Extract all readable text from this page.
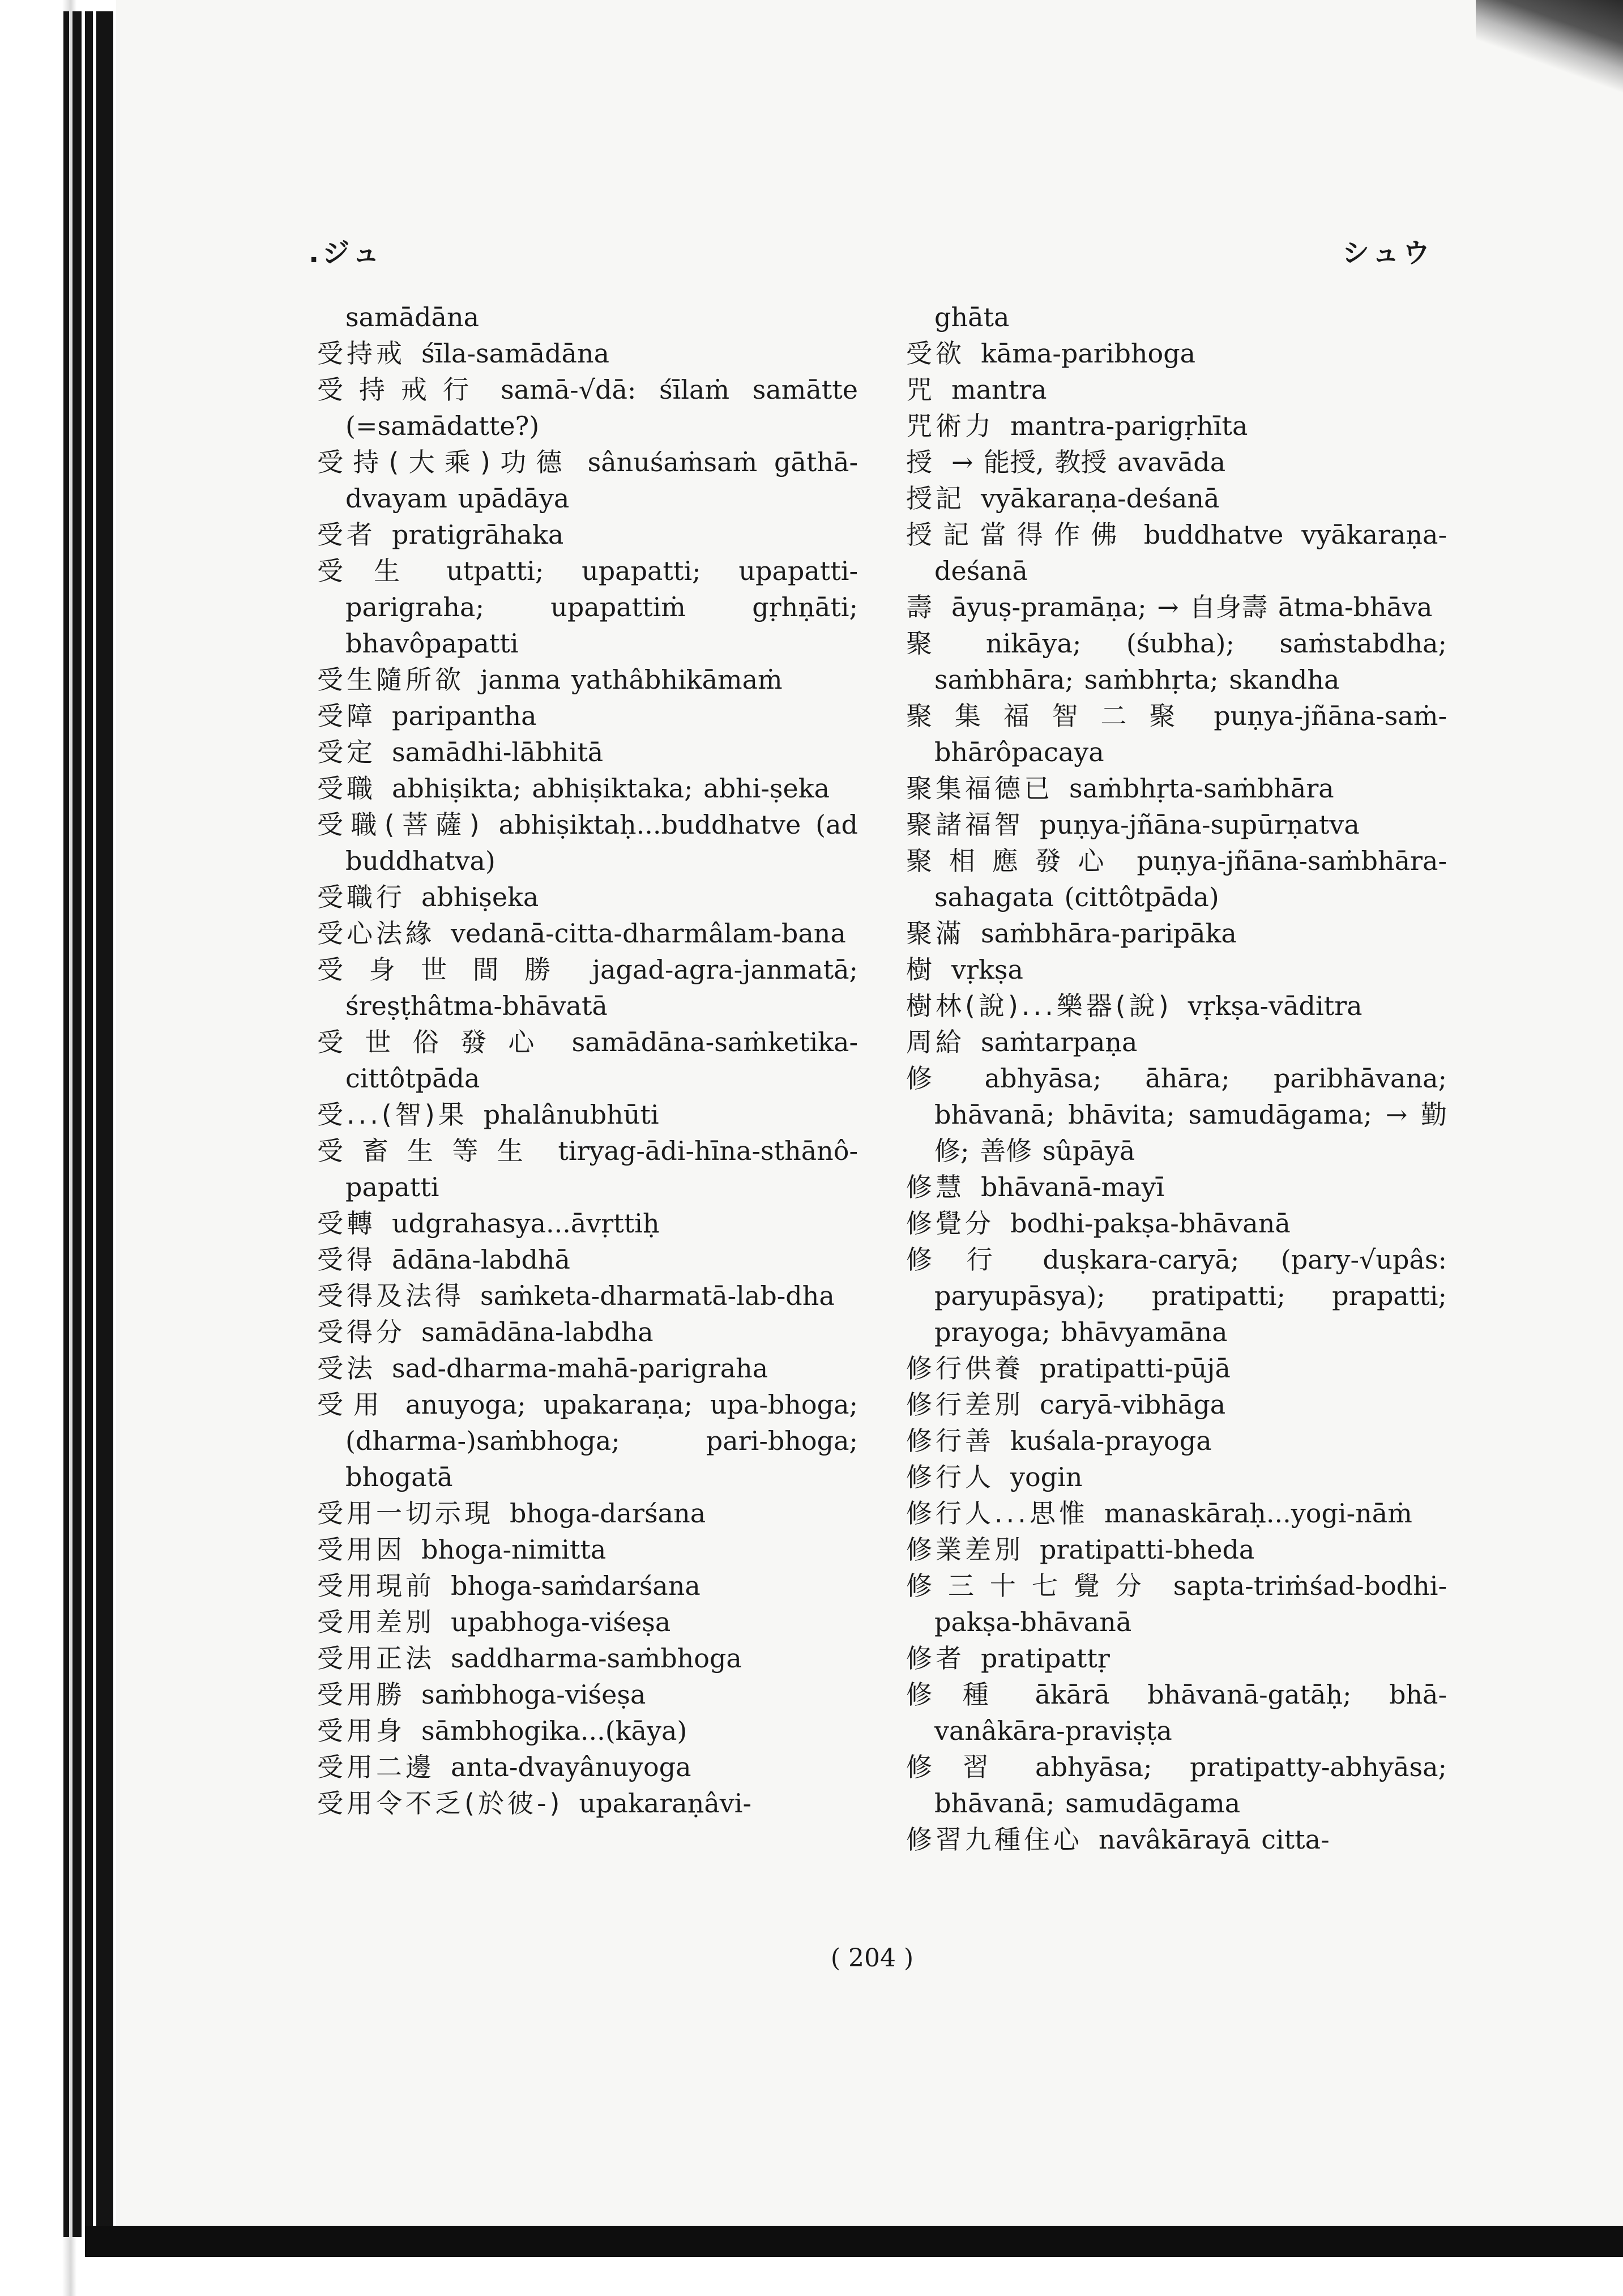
.ジュ	シュウ
samādāna
受持戒 śīla-samādāna
受持戒行 samā-√dā: śīlaṁ samātte (=samādatte?)
受持(大乘)功德 sânuśaṁsaṁ gāthā-dvayam upādāya
受者 pratigrāhaka
受生 utpatti; upapatti; upapatti-parigraha; upapattiṁ gṛhṇāti; bhavôpapatti
受生隨所欲 janma yathâbhikāmaṁ
受障 paripantha
受定 samādhi-lābhitā
受職 abhiṣikta; abhiṣiktaka; abhi-ṣeka
受職(菩薩) abhiṣiktaḥ...buddhatve (ad buddhatva)
受職行 abhiṣeka
受心法緣 vedanā-citta-dharmâlam-bana
受身世間勝 jagad-agra-janmatā; śreṣṭhâtma-bhāvatā
受世俗發心 samādāna-saṁketika-cittôtpāda
受...(智)果 phalânubhūti
受畜生等生 tiryag-ādi-hīna-sthānô-papatti
受轉 udgrahasya...āvṛttiḥ
受得 ādāna-labdhā
受得及法得 saṁketa-dharmatā-lab-dha
受得分 samādāna-labdha
受法 sad-dharma-mahā-parigraha
受用 anuyoga; upakaraṇa; upa-bhoga; (dharma-)saṁbhoga; pari-bhoga; bhogatā
受用一切示現 bhoga-darśana
受用因 bhoga-nimitta
受用現前 bhoga-saṁdarśana
受用差別 upabhoga-viśeṣa
受用正法 saddharma-saṁbhoga
受用勝 saṁbhoga-viśeṣa
受用身 sāmbhogika...(kāya)
受用二邊 anta-dvayânuyoga
受用令不乏(於彼-) upakaraṇâvi-
ghāta
受欲 kāma-paribhoga
咒 mantra
咒術力 mantra-parigṛhīta
授 → 能授, 教授 avavāda
授記 vyākaraṇa-deśanā
授記當得作佛 buddhatve vyākaraṇa-deśanā
壽 āyuṣ-pramāṇa; → 自身壽 ātma-bhāva
聚 nikāya; (śubha); saṁstabdha; saṁbhāra; saṁbhṛta; skandha
聚集福智二聚 puṇya-jñāna-saṁ-bhārôpacaya
聚集福德已 saṁbhṛta-saṁbhāra
聚諸福智 puṇya-jñāna-supūrṇatva
聚相應發心 puṇya-jñāna-saṁbhāra-sahagata (cittôtpāda)
聚滿 saṁbhāra-paripāka
樹 vṛkṣa
樹林(說)...樂器(說) vṛkṣa-vāditra
周給 saṁtarpaṇa
修 abhyāsa; āhāra; paribhāvana; bhāvanā; bhāvita; samudāgama; → 勤修; 善修 sûpāyā
修慧 bhāvanā-mayī
修覺分 bodhi-pakṣa-bhāvanā
修行 duṣkara-caryā; (pary-√upâs: paryupāsya); pratipatti; prapatti; prayoga; bhāvyamāna
修行供養 pratipatti-pūjā
修行差別 caryā-vibhāga
修行善 kuśala-prayoga
修行人 yogin
修行人...思惟 manaskāraḥ...yogi-nāṁ
修業差別 pratipatti-bheda
修三十七覺分 sapta-triṁśad-bodhi-pakṣa-bhāvanā
修者 pratipattṛ
修種 ākārā bhāvanā-gatāḥ; bhā-vanâkāra-praviṣṭa
修習 abhyāsa; pratipatty-abhyāsa; bhāvanā; samudāgama
修習九種住心 navâkārayā citta-
( 204 )
